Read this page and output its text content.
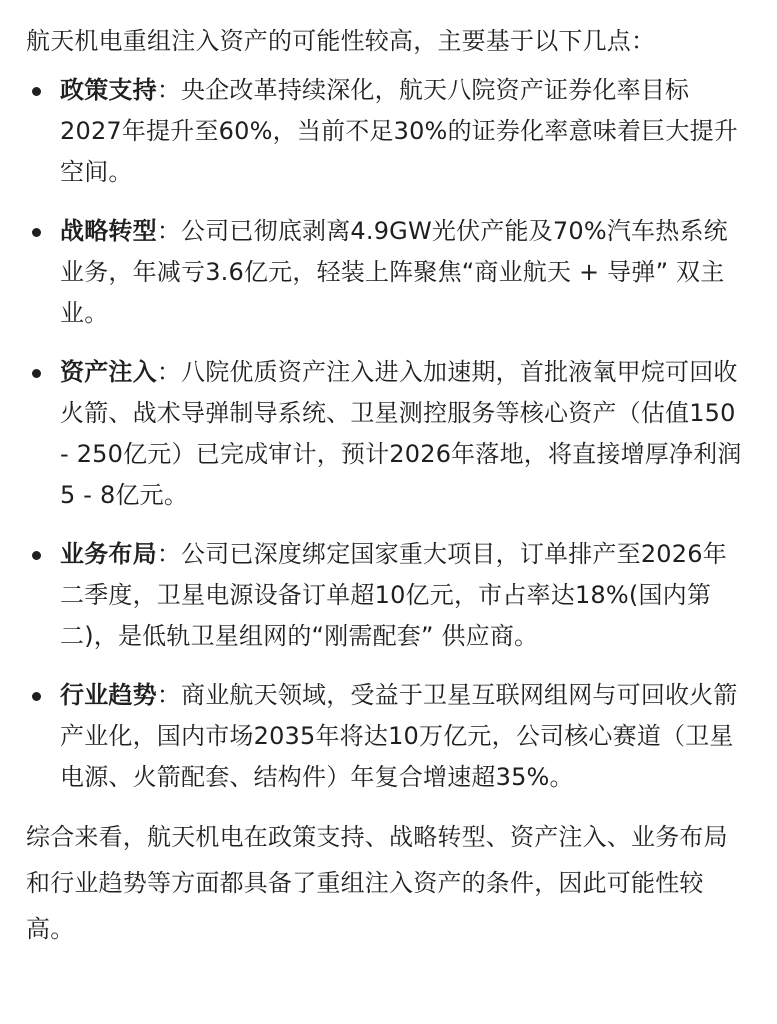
航天机电重组注入资产的可能性较高，主要基于以下几点：

政策支持：央企改革持续深化，航天八院资产证券化率目标2027年提升至60%，当前不足30%的证券化率意味着巨大提升空间。
战略转型：公司已彻底剥离4.9GW光伏产能及70%汽车热系统业务，年减亏3.6亿元，轻装上阵聚焦“商业航天 + 导弹” 双主业。
资产注入：八院优质资产注入进入加速期，首批液氧甲烷可回收火箭、战术导弹制导系统、卫星测控服务等核心资产（估值150 - 250亿元）已完成审计，预计2026年落地，将直接增厚净利润5 - 8亿元。
业务布局：公司已深度绑定国家重大项目，订单排产至2026年二季度，卫星电源设备订单超10亿元，市占率达18%(国内第二)，是低轨卫星组网的“刚需配套” 供应商。
行业趋势：商业航天领域，受益于卫星互联网组网与可回收火箭产业化，国内市场2035年将达10万亿元，公司核心赛道（卫星电源、火箭配套、结构件）年复合增速超35%。

综合来看，航天机电在政策支持、战略转型、资产注入、业务布局和行业趋势等方面都具备了重组注入资产的条件，因此可能性较高。
